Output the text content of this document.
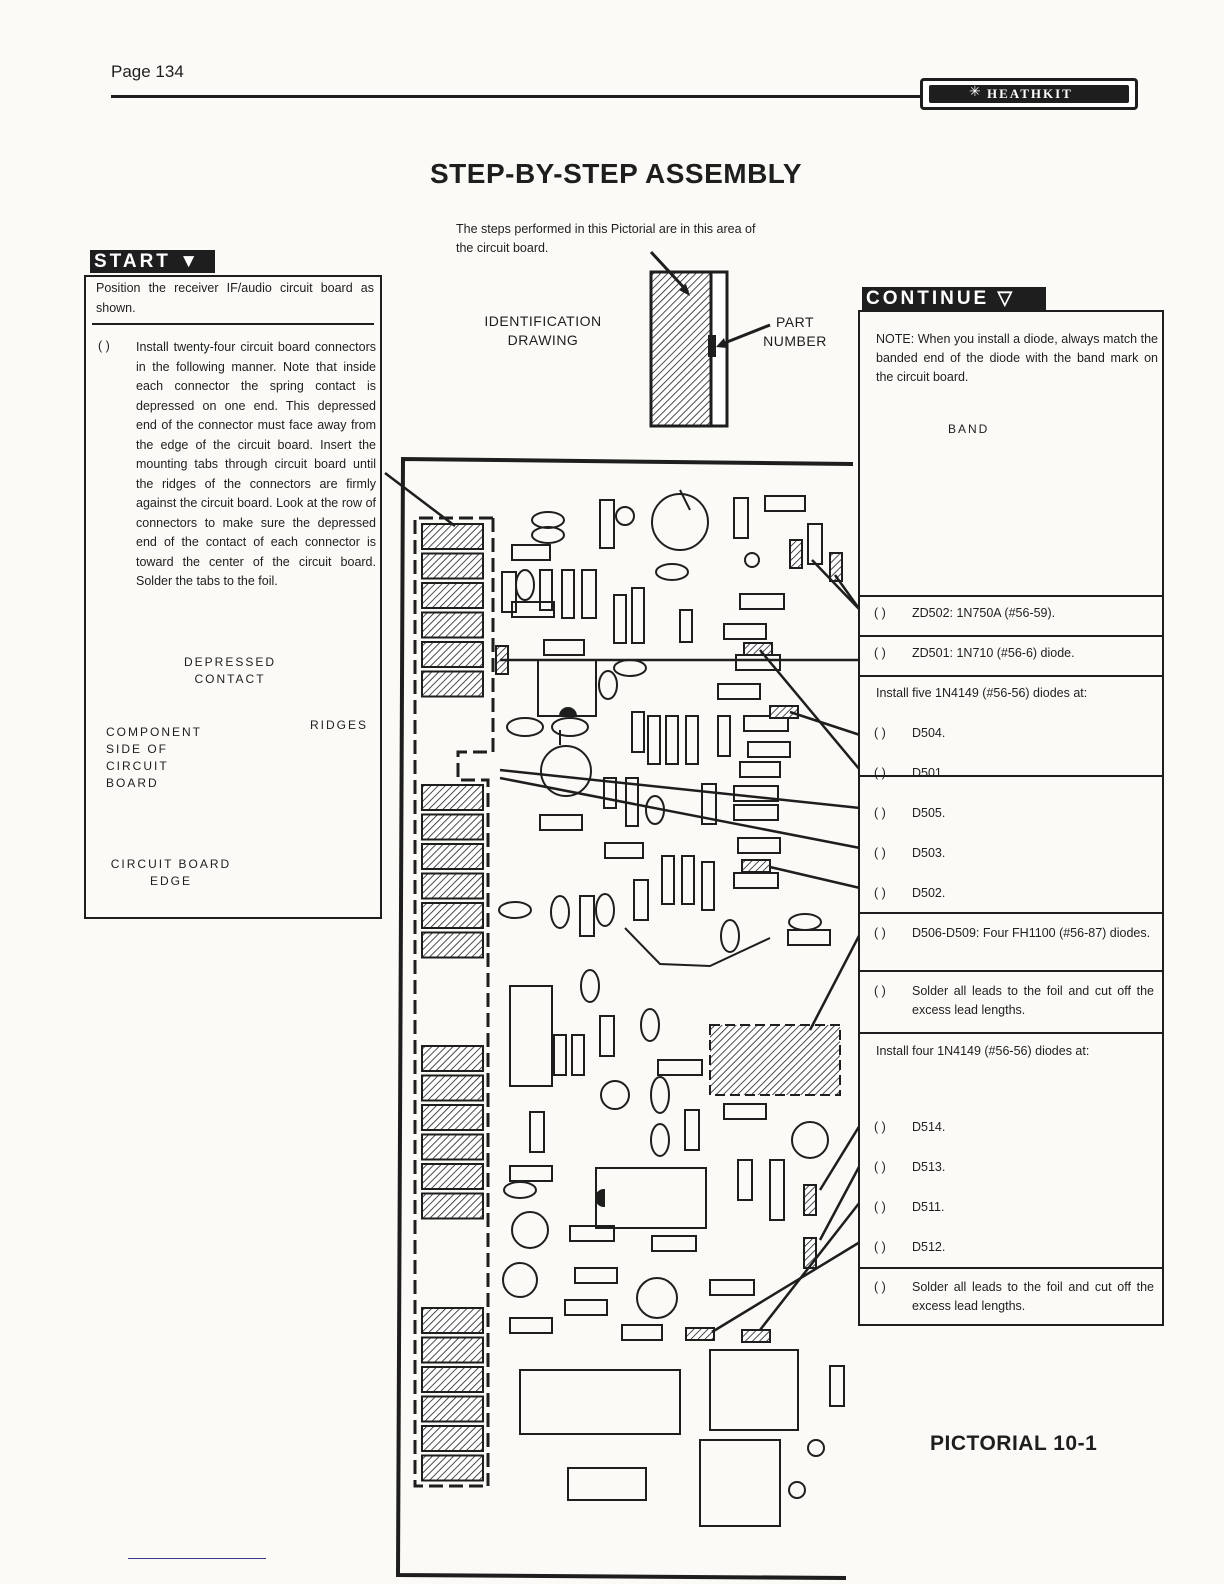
Page 134
✳ HEATHKIT
STEP-BY-STEP ASSEMBLY
The steps performed in this Pictorial are in this area of the circuit board.
IDENTIFICATION DRAWING
PART NUMBER
Position the receiver IF/audio circuit board as shown.
( ) Install twenty-four circuit board connectors in the following manner. Note that inside each connector the spring contact is depressed on one end. This depressed end of the connector must face away from the edge of the circuit board. Insert the mounting tabs through circuit board until the ridges of the connectors are firmly against the circuit board. Look at the row of connectors to make sure the depressed end of the contact of each connector is toward the center of the circuit board. Solder the tabs to the foil.
START ▼
DEPRESSED CONTACT
RIDGES
COMPONENT SIDE OF CIRCUIT BOARD
CIRCUIT BOARD EDGE
NOTE: When you install a diode, always match the banded end of the diode with the band mark on the circuit board.
BAND
( ) ZD502: 1N750A (#56-59).
( ) ZD501: 1N710 (#56-6) diode.
Install five 1N4149 (#56-56) diodes at:
( ) D504.
( ) D501.
( ) D505.
( ) D503.
( ) D502.
( ) D506-D509: Four FH1100 (#56-87) diodes.
( ) Solder all leads to the foil and cut off the excess lead lengths.
Install four 1N4149 (#56-56) diodes at:
( ) D514.
( ) D513.
( ) D511.
( ) D512.
( ) Solder all leads to the foil and cut off the excess lead lengths.
CONTINUE ▽
PICTORIAL 10-1
